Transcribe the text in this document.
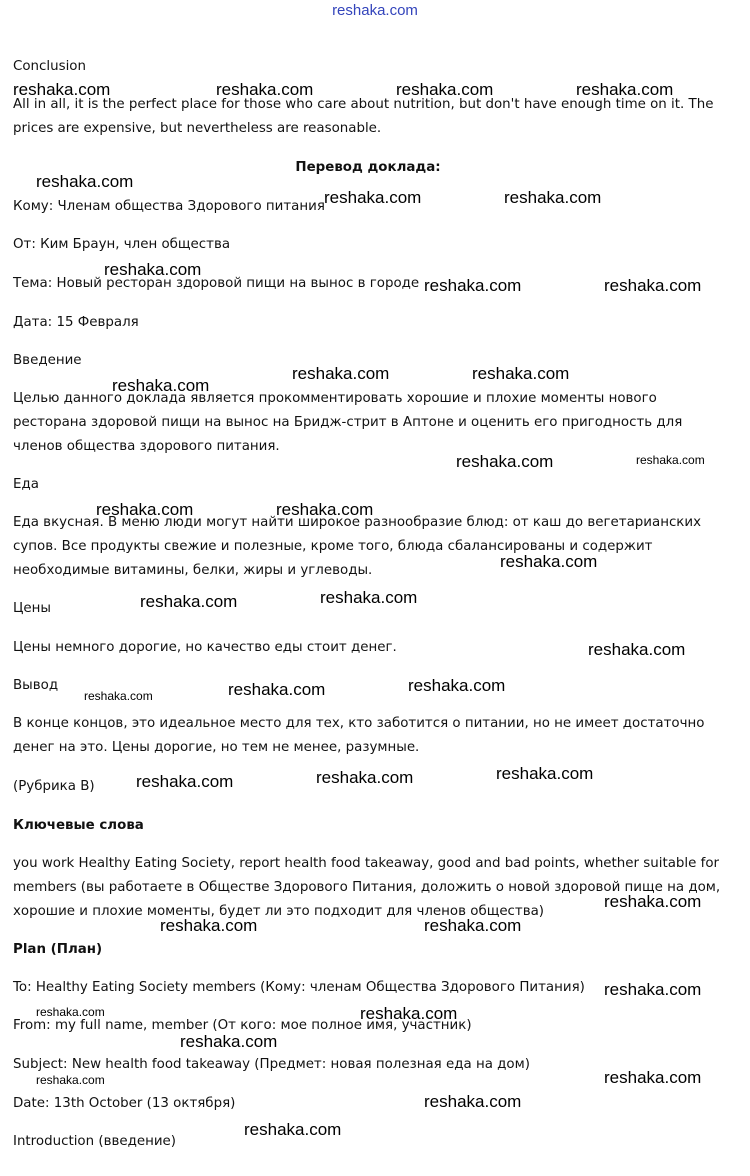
reshaka.com

Conclusion

All in all, it is the perfect place for those who care about nutrition, but don't have enough time on it. The prices are expensive, but nevertheless are reasonable.

Перевод доклада:

Кому: Членам общества Здорового питания

От: Ким Браун, член общества

Тема: Новый ресторан здоровой пищи на вынос в городе

Дата: 15 Февраля

Введение

Целью данного доклада является прокомментировать хорошие и плохие моменты нового ресторана здоровой пищи на вынос на Бридж-стрит в Аптоне и оценить его пригодность для членов общества здорового питания.

Еда

Еда вкусная. В меню люди могут найти широкое разнообразие блюд: от каш до вегетарианских супов. Все продукты свежие и полезные, кроме того, блюда сбалансированы и содержит необходимые витамины, белки, жиры и углеводы.

Цены

Цены немного дорогие, но качество еды стоит денег.

Вывод

В конце концов, это идеальное место для тех, кто заботится о питании, но не имеет достаточно денег на это. Цены дорогие, но тем не менее, разумные.

(Рубрика B)

Ключевые слова

you work Healthy Eating Society, report health food takeaway, good and bad points, whether suitable for members (вы работаете в Обществе Здорового Питания, доложить о новой здоровой пище на дом, хорошие и плохие моменты, будет ли это подходит для членов общества)

Plan (План)

To: Healthy Eating Society members (Кому: членам Общества Здорового Питания)

From: my full name, member (От кого: мое полное имя, участник)

Subject: New health food takeaway (Предмет: новая полезная еда на дом)

Date: 13th October (13 октября)

Introduction (введение)

reshaka.com	reshaka.com	reshaka.com	reshaka.com
reshaka.com
reshaka.com	reshaka.com
reshaka.com
reshaka.com	reshaka.com
reshaka.com	reshaka.com
reshaka.com
reshaka.com	reshaka.com
reshaka.com	reshaka.com
reshaka.com
reshaka.com	reshaka.com
reshaka.com
reshaka.com	reshaka.com	reshaka.com
reshaka.com	reshaka.com	reshaka.com
reshaka.com
reshaka.com	reshaka.com
reshaka.com
reshaka.com	reshaka.com
reshaka.com
reshaka.com	reshaka.com
reshaka.com
reshaka.com
